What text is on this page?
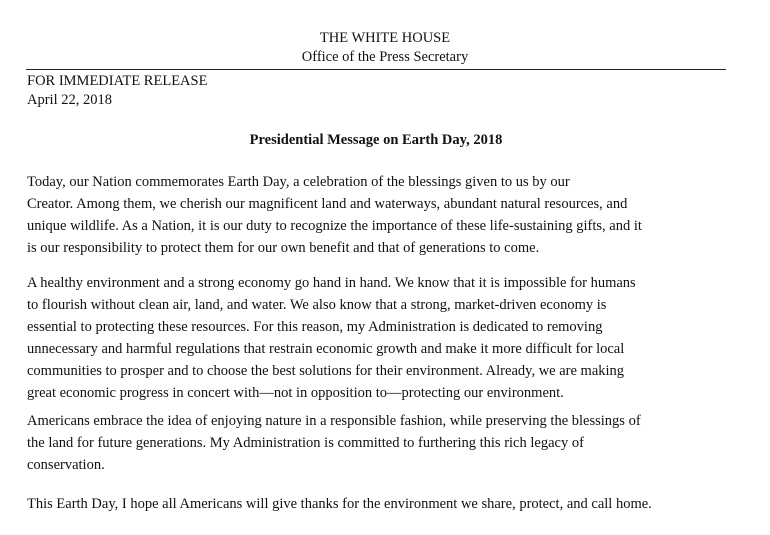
THE WHITE HOUSE
Office of the Press Secretary
FOR IMMEDIATE RELEASE
April 22, 2018
Presidential Message on Earth Day, 2018
Today, our Nation commemorates Earth Day, a celebration of the blessings given to us by our
Creator. Among them, we cherish our magnificent land and waterways, abundant natural resources, and
unique wildlife. As a Nation, it is our duty to recognize the importance of these life-sustaining gifts, and it
is our responsibility to protect them for our own benefit and that of generations to come.
A healthy environment and a strong economy go hand in hand. We know that it is impossible for humans
to flourish without clean air, land, and water. We also know that a strong, market-driven economy is
essential to protecting these resources. For this reason, my Administration is dedicated to removing
unnecessary and harmful regulations that restrain economic growth and make it more difficult for local
communities to prosper and to choose the best solutions for their environment. Already, we are making
great economic progress in concert with—not in opposition to—protecting our environment.
Americans embrace the idea of enjoying nature in a responsible fashion, while preserving the blessings of
the land for future generations. My Administration is committed to furthering this rich legacy of
conservation.
This Earth Day, I hope all Americans will give thanks for the environment we share, protect, and call home.
